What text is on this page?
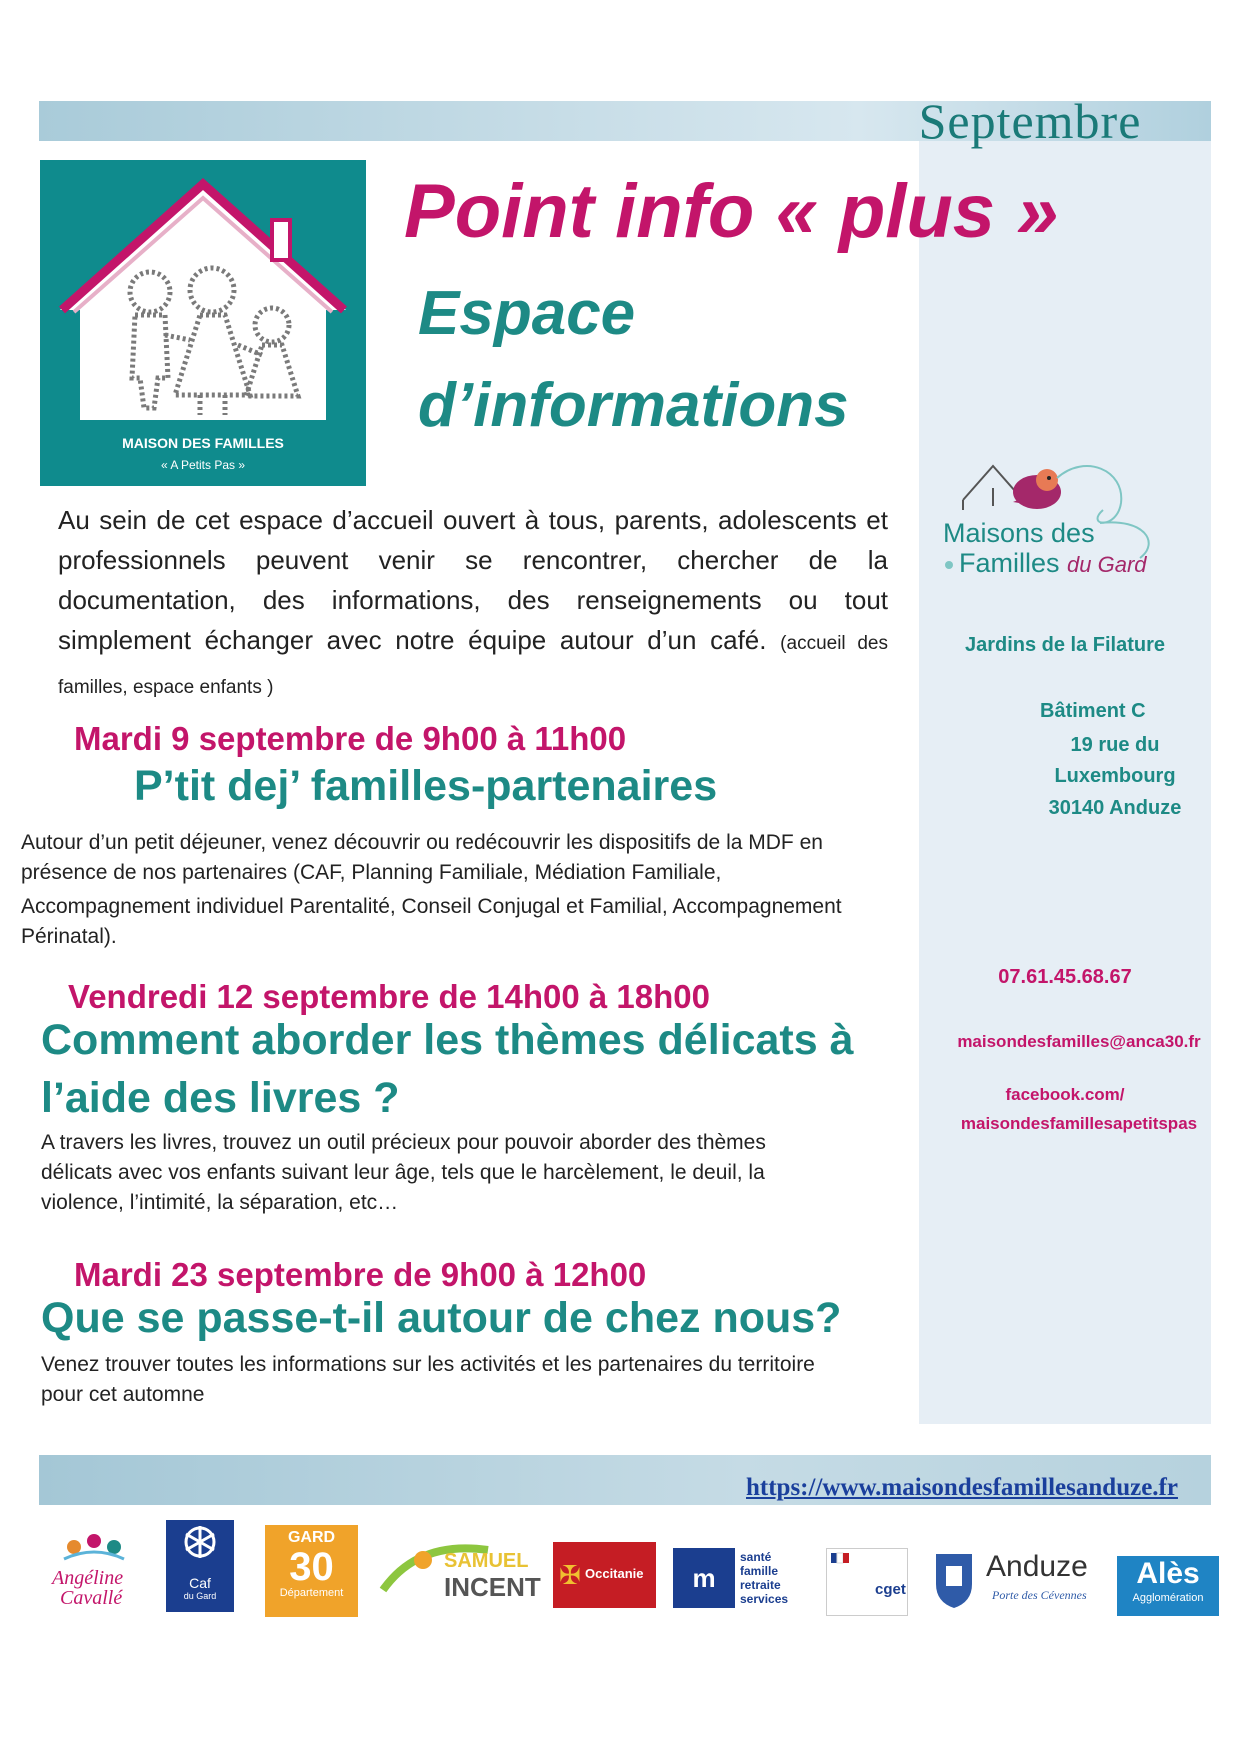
Septembre
MAISON DES FAMILLES
« A Petits Pas »
Point info « plus »
Espace
d’informations
Au sein de cet espace d’accueil ouvert à tous, parents, adolescents et professionnels peuvent venir se rencontrer, chercher de la documentation, des informations, des renseignements ou tout simplement échanger avec notre équipe autour d’un café. (accueil des familles, espace enfants )
Mardi 9 septembre de 9h00 à 11h00
P’tit dej’ familles-partenaires
Autour d’un petit déjeuner, venez découvrir ou redécouvrir les dispositifs de la MDF en
présence de nos partenaires (CAF, Planning Familiale, Médiation Familiale,
Accompagnement individuel Parentalité, Conseil Conjugal et Familial, Accompagnement
Périnatal).
Vendredi 12 septembre de 14h00 à 18h00
Comment aborder les thèmes délicats à
l’aide des livres ?
A travers les livres, trouvez un outil précieux pour pouvoir aborder des thèmes
délicats avec vos enfants suivant leur âge, tels que le harcèlement, le deuil, la
violence, l’intimité, la séparation, etc…
Mardi 23 septembre de 9h00 à 12h00
Que se passe-t-il autour de chez nous?
Venez trouver toutes les informations sur les activités et les partenaires du territoire
pour cet automne
Maisons des
Familles du Gard
Jardins de la Filature
Bâtiment C
19 rue du
Luxembourg
30140 Anduze
07.61.45.68.67
maisondesfamilles@anca30.fr
facebook.com/
maisondesfamillesapetitspas
https://www.maisondesfamillesanduze.fr
Angéline
Cavallé
Caf
du Gard
GARD
30
Département
SAMUEL
INCENT ✠ Occitanie	m
santé
famille
retraite
services
cget
Anduze
Porte des Cévennes
Alès
Agglomération
